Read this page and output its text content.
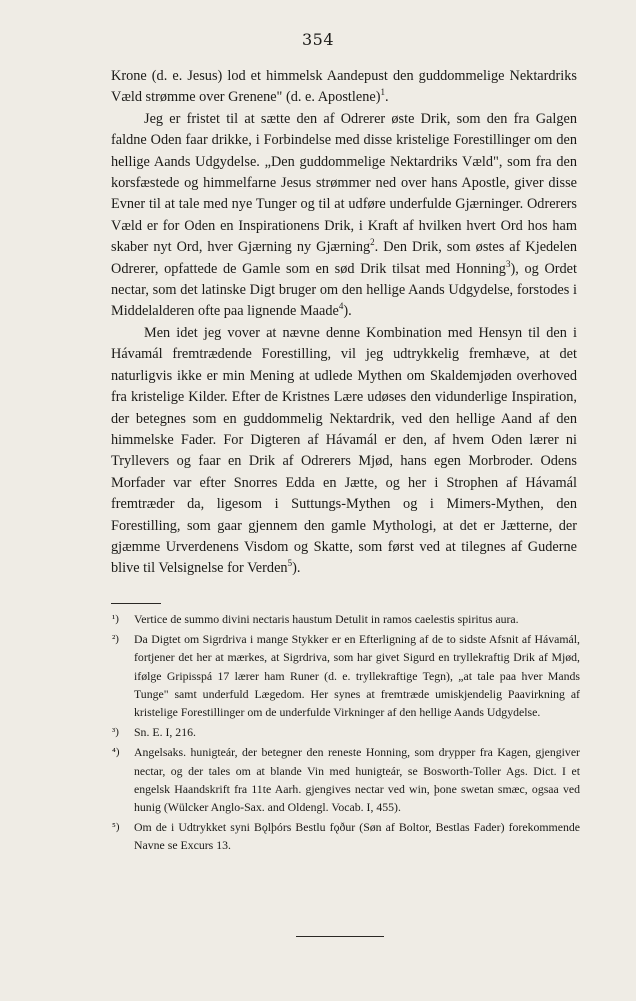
354

Krone (d. e. Jesus) lod et himmelsk Aandepust den guddommelige Nektardriks Væld strømme over Grenene" (d. e. Apostlene)$^1$.

Jeg er fristet til at sætte den af Odrerer øste Drik, som den fra Galgen faldne Oden faar drikke, i Forbindelse med disse kristelige Forestillinger om den hellige Aands Udgydelse. „Den guddommelige Nektardriks Væld", som fra den korsfæstede og himmelfarne Jesus strømmer ned over hans Apostle, giver disse Evner til at tale med nye Tunger og til at udføre underfulde Gjærninger. Odrerers Væld er for Oden en Inspirationens Drik, i Kraft af hvilken hvert Ord hos ham skaber nyt Ord, hver Gjærning ny Gjærning$^2$. Den Drik, som østes af Kjedelen Odrerer, opfattede de Gamle som en sød Drik tilsat med Honning$^3$), og Ordet nectar, som det latinske Digt bruger om den hellige Aands Udgydelse, forstodes i Middelalderen ofte paa lignende Maade$^4$).

Men idet jeg vover at nævne denne Kombination med Hensyn til den i Hávamál fremtrædende Forestilling, vil jeg udtrykkelig fremhæve, at det naturligvis ikke er min Mening at udlede Mythen om Skaldemjøden overhoved fra kristelige Kilder. Efter de Kristnes Lære udøses den vidunderlige Inspiration, der betegnes som en guddommelig Nektardrik, ved den hellige Aand af den himmelske Fader. For Digteren af Hávamál er den, af hvem Oden lærer ni Tryllevers og faar en Drik af Odrerers Mjød, hans egen Morbroder. Odens Morfader var efter Snorres Edda en Jætte, og her i Strophen af Hávamál fremtræder da, ligesom i Suttungs-Mythen og i Mimers-Mythen, den Forestilling, som gaar gjennem den gamle Mythologi, at det er Jætterne, der gjæmme Urverdenens Visdom og Skatte, som først ved at tilegnes af Guderne blive til Velsignelse for Verden$^5$).

¹)	Vertice de summo divini nectaris haustum Detulit in ramos caelestis spiritus aura.
²)	Da Digtet om Sigrdriva i mange Stykker er en Efterligning af de to sidste Afsnit af Hávamál, fortjener det her at mærkes, at Sigrdriva, som har givet Sigurd en tryllekraftig Drik af Mjød, ifølge Gripisspá 17 lærer ham Runer (d. e. tryllekraftige Tegn), „at tale paa hver Mands Tunge" samt underfuld Lægedom. Her synes at fremtræde umiskjendelig Paavirkning af kristelige Forestillinger om de underfulde Virkninger af den hellige Aands Udgydelse.
³)	Sn. E. I, 216.
⁴)	Angelsaks. hunigteár, der betegner den reneste Honning, som drypper fra Kagen, gjengiver nectar, og der tales om at blande Vin med hunigteár, se Bosworth-Toller Ags. Dict. I et engelsk Haandskrift fra 11te Aarh. gjengives nectar ved win, þone swetan smæc, ogsaa ved hunig (Wülcker Anglo-Sax. and Oldengl. Vocab. I, 455).
⁵)	Om de i Udtrykket syni Bǫlþórs Bestlu fǫður (Søn af Boltor, Bestlas Fader) forekommende Navne se Excurs 13.
